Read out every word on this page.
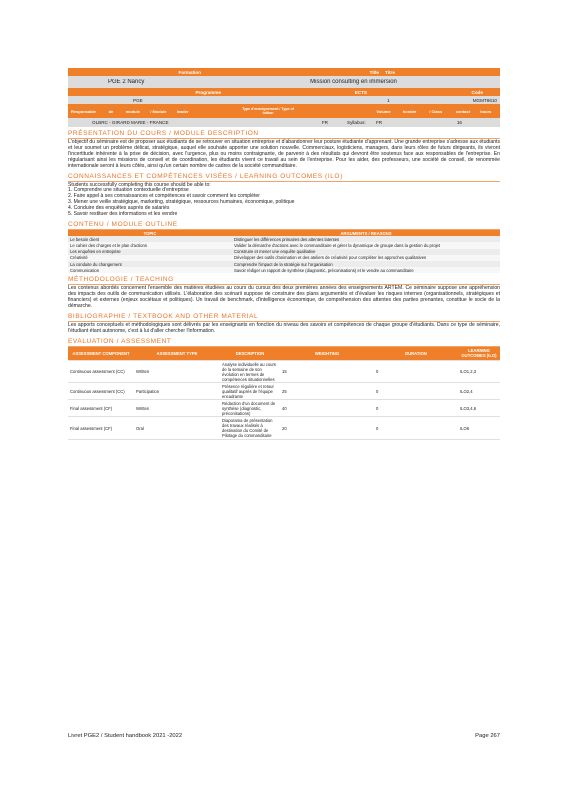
Formation	Title	Titre
PGE 2 Nancy	Mission consulting en immersion
Programme	ECTS	Code
PGE	1	MGMT8610
Responsable	de	module	/ Module	leader	Type d'enseignement / Type of
tuition	Volume	horaire	/ Class	contact	hours
OLBRC - GIRARD MARIE - FRANCE	FR	Syllabus:	FR	16
PRÉSENTATION DU COURS / MODULE DESCRIPTION
L'objectif du séminaire est de proposer aux étudiants de se retrouver en situation entreprise et d'abandonner leur posture étudiante d'apprenant. Une grande entreprise s'adresse aux étudiants et leur soumet un problème délicat, stratégique, auquel elle souhaite apporter une solution nouvelle. Commerciaux, logisticiens, managers, dans leurs rôles de futurs dirigeants, ils vivront l'incertitude inhérente à la prise de décision, avec l'urgence, plus ou moins contraignante, de parvenir à des résultats qui devront être soutenus face aux responsables de l'entreprise. En régularisant ainsi les missions de conseil et de coordination, les étudiants vivent ce travail au sein de l'entreprise. Pour les aider, des professeurs, une société de conseil, de renommée internationale seront à leurs côtés, ainsi qu'un certain nombre de cadres de la société commanditaire.
CONNAISSANCES ET COMPÉTENCES VISÉES / LEARNING OUTCOMES (ILO)
Students successfully completing this course should be able to:
1. Comprendre une situation contextuelle d'entreprise
2. Faire appel à ses connaissances et compétences et savoir comment les compléter
3. Mener une veille stratégique, marketing, stratégique, ressources humaines, économique, politique
4. Conduire des enquêtes auprès de salariés
5. Savoir restituer des informations et les vendre
CONTENU / MODULE OUTLINE
TOPIC	ARGUMENTS / REASONS
Le besoin client	Distinguer les différences primaires des attentes latentes
Le cahier des charges et le plan d'actions	Valider la démarche d'actions avec le commanditaire et gérer la dynamique de groupe dans la gestion du projet
Les enquêtes en entreprise	Construire et mener une enquête qualitative
Créativité	Développer des outils d'animation et des ateliers de créativité pour compléter les approches qualitatives
La conduite du changement	Comprendre l'impact de la stratégie sur l'organisation
Communication	Savoir rédiger un rapport de synthèse (diagnostic, préconisations) et le vendre au commanditaire
MÉTHODOLOGIE / TEACHING
Les contenus abordés concernent l'ensemble des matières étudiées au cours du cursus des deux premières années des enseignements ARTEM. Ce séminaire suppose une appréhension des impacts des outils de communication utilisés. L'élaboration des scénarii suppose de construire des plans argumentés et d'évaluer les risques internes (organisationnels, stratégiques et financiers) et externes (enjeux sociétaux et politiques). Un travail de benchmark, d'intelligence économique, de compréhension des attentes des parties prenantes, constitue le socle de la démarche.
BIBLIOGRAPHIE / TEXTBOOK AND OTHER MATERIAL
Les apports conceptuels et méthodologiques sont délivrés par les enseignants en fonction du niveau des savoirs et compétences de chaque groupe d'étudiants. Dans ce type de séminaire, l'étudiant étant autonome, c'est à lui d'aller chercher l'information.
EVALUATION / ASSESSMENT
ASSESSMENT COMPONENT	ASSESSMENT TYPE	DESCRIPTION	WEIGHTING	DURATION	LEARNING OUTCOMES (ILO)
Continuous assessment (CC)	Written	Analyse individuelle au cours de la semaine de son évolution en termes de compétences situationnelles	15	0	ILO1,2,3
Continuous assessment (CC)	Participation	Présence régulière et retour qualitatif auprès de l'équipe encadrante	25	0	ILO2,4
Final assessment (CF)	Written	Rédaction d'un document de synthèse (diagnostic, préconisations)	40	0	ILO3,4,6
Final assessment (CF)	Oral	Diaporama de présentation des travaux réalisés à destination du Comité de Pilotage du commanditaire	20	0	ILO6
Livret PGE2 / Student handbook 2021 -2022	Page 267
